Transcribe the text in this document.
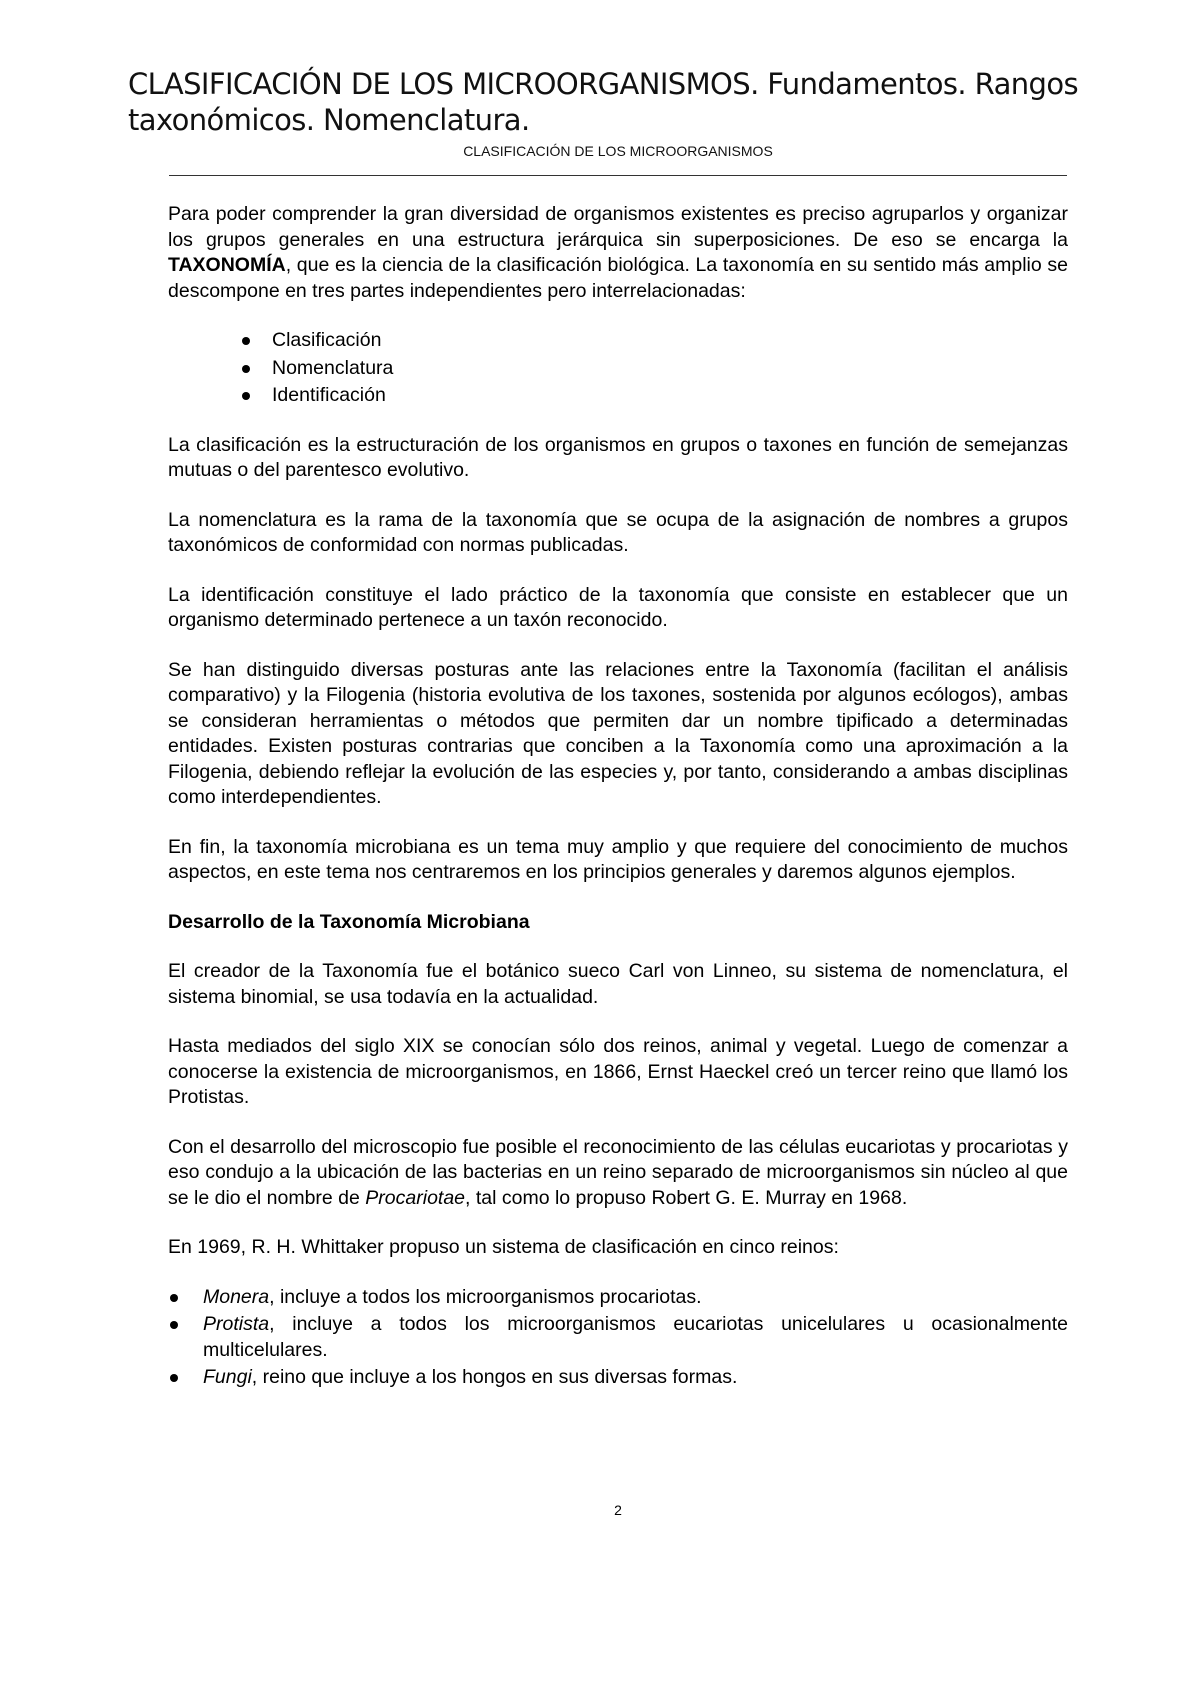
CLASIFICACIÓN DE LOS MICROORGANISMOS. Fundamentos. Rangos taxonómicos. Nomenclatura.
CLASIFICACIÓN DE LOS MICROORGANISMOS

Para poder comprender la gran diversidad de organismos existentes es preciso agruparlos y organizar los grupos generales en una estructura jerárquica sin superposiciones. De eso se encarga la TAXONOMÍA, que es la ciencia de la clasificación biológica. La taxonomía en su sentido más amplio se descompone en tres partes independientes pero interrelacionadas:

Clasificación
Nomenclatura
Identificación

La clasificación es la estructuración de los organismos en grupos o taxones en función de semejanzas mutuas o del parentesco evolutivo.

La nomenclatura es la rama de la taxonomía que se ocupa de la asignación de nombres a grupos taxonómicos de conformidad con normas publicadas.

La identificación constituye el lado práctico de la taxonomía que consiste en establecer que un organismo determinado pertenece a un taxón reconocido.

Se han distinguido diversas posturas ante las relaciones entre la Taxonomía (facilitan el análisis comparativo) y la Filogenia (historia evolutiva de los taxones, sostenida por algunos ecólogos), ambas se consideran herramientas o métodos que permiten dar un nombre tipificado a determinadas entidades. Existen posturas contrarias que conciben a la Taxonomía como una aproximación a la Filogenia, debiendo reflejar la evolución de las especies y, por tanto, considerando a ambas disciplinas como interdependientes.

En fin, la taxonomía microbiana es un tema muy amplio y que requiere del conocimiento de muchos aspectos, en este tema nos centraremos en los principios generales y daremos algunos ejemplos.

Desarrollo de la Taxonomía Microbiana

El creador de la Taxonomía fue el botánico sueco Carl von Linneo, su sistema de nomenclatura, el sistema binomial, se usa todavía en la actualidad.

Hasta mediados del siglo XIX se conocían sólo dos reinos, animal y vegetal. Luego de comenzar a conocerse la existencia de microorganismos, en 1866, Ernst Haeckel creó un tercer reino que llamó los Protistas.

Con el desarrollo del microscopio fue posible el reconocimiento de las células eucariotas y procariotas y eso condujo a la ubicación de las bacterias en un reino separado de microorganismos sin núcleo al que se le dio el nombre de Procariotae, tal como lo propuso Robert G. E. Murray en 1968.

En 1969, R. H. Whittaker propuso un sistema de clasificación en cinco reinos:

Monera, incluye a todos los microorganismos procariotas.
Protista, incluye a todos los microorganismos eucariotas unicelulares u ocasionalmente multicelulares.
Fungi, reino que incluye a los hongos en sus diversas formas.
2
